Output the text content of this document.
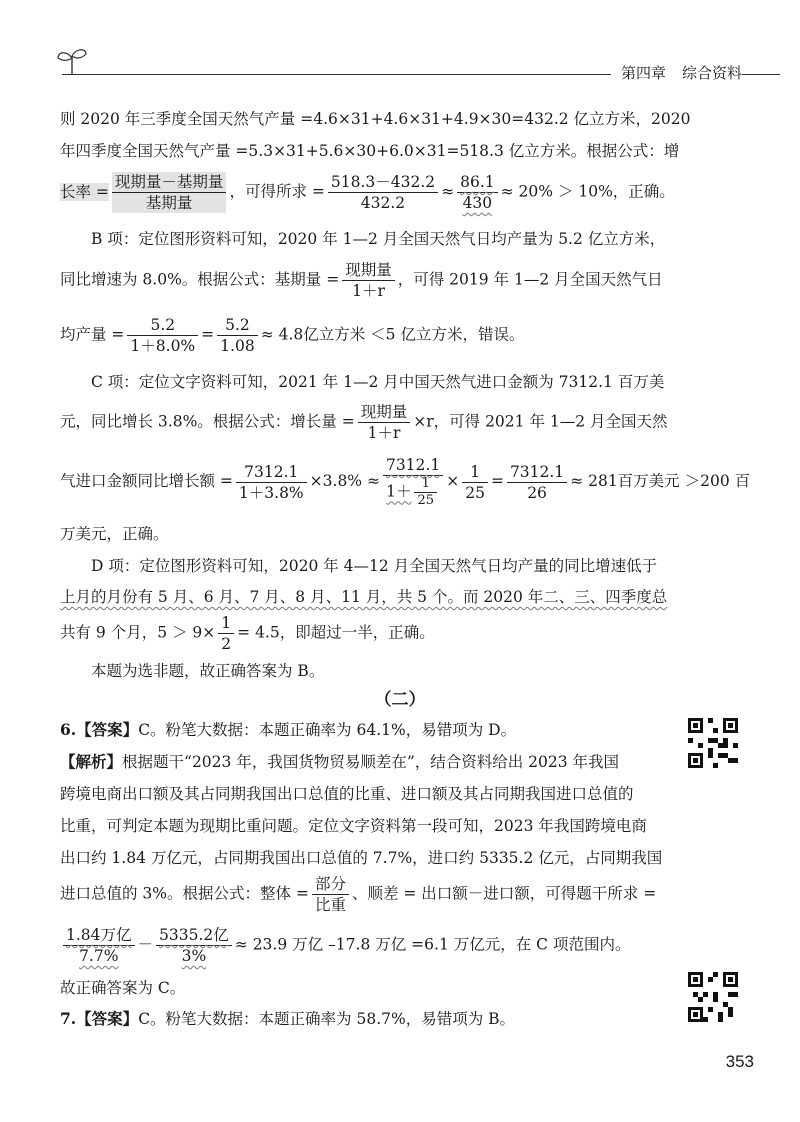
第四章 综合资料
则 2020 年三季度全国天然气产量 =4.6×31+4.6×31+4.9×30=432.2 亿立方米，2020
年四季度全国天然气产量 =5.3×31+5.6×30+6.0×31=518.3 亿立方米。根据公式：增
长率 = $\frac{\text{现期量－基期量}}{\text{基期量}}$ ，可得所求 = $\frac{518.3-432.2}{432.2} \approx \frac{86.1}{430} \approx 20\% > 10\%$，正确。
B 项：定位图形资料可知，2020 年 1—2 月全国天然气日均产量为 5.2 亿立方米，
同比增速为 8.0%。根据公式：基期量 = $\frac{\text{现期量}}{1+r}$ ，可得 2019 年 1—2 月全国天然气日
均产量 = $\frac{5.2}{1+8.0\%} = \frac{5.2}{1.08} \approx 4.8$亿立方米 ＜5 亿立方米，错误。
C 项：定位文字资料可知，2021 年 1—2 月中国天然气进口金额为 7312.1 百万美
元，同比增长 3.8%。根据公式：增长量 = $\frac{\text{现期量}}{1+r} \times r$，可得 2021 年 1—2 月全国天然
气进口金额同比增长额 = $\frac{7312.1}{1+3.8\%} \times 3.8\% \approx \frac{7312.1}{1+ \frac{1}{25}} \times \frac{1}{25} = \frac{7312.1}{26} \approx 281$百万美元 ＞200 百
万美元，正确。
D 项：定位图形资料可知，2020 年 4—12 月全国天然气日均产量的同比增速低于
上月的月份有 5 月、6 月、7 月、8 月、11 月，共 5 个。而 2020 年二、三、四季度总
共有 9 个月，$5 > 9\times \frac{1}{2} = 4.5$，即超过一半，正确。
本题为选非题，故正确答案为 B。
（二）
6.【答案】C。粉笔大数据：本题正确率为 64.1%，易错项为 D。
【解析】根据题干“2023 年，我国货物贸易顺差在”，结合资料给出 2023 年我国
跨境电商出口额及其占同期我国出口总值的比重、进口额及其占同期我国进口总值的
比重，可判定本题为现期比重问题。定位文字资料第一段可知，2023 年我国跨境电商
出口约 1.84 万亿元，占同期我国出口总值的 7.7%，进口约 5335.2 亿元，占同期我国
进口总值的 3%。根据公式：整体 = $\frac{\text{部分}}{\text{比重}}$ 、顺差 = 出口额－进口额，可得题干所求 =
$\frac{\text{1.84万亿}}{7.7\%} - \frac{\text{5335.2亿}}{3\%} \approx 23.9$ 万亿 –17.8 万亿 =6.1 万亿元，在 C 项范围内。
故正确答案为 C。
7.【答案】C。粉笔大数据：本题正确率为 58.7%，易错项为 B。
353
